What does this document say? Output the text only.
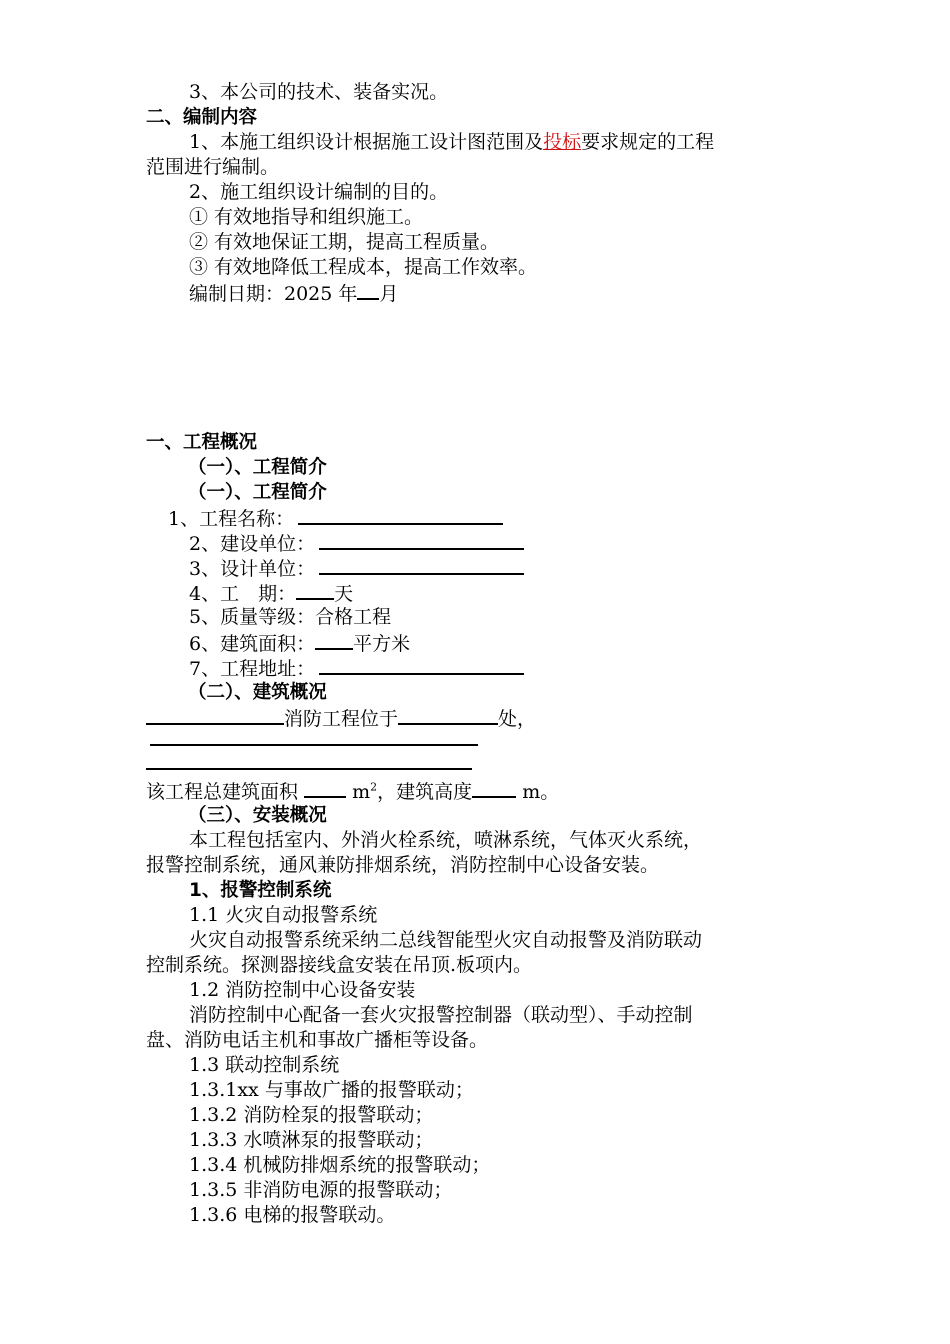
3、本公司的技术、装备实况。
二、编制内容
1、本施工组织设计根据施工设计图范围及投标要求规定的工程
范围进行编制。
2、施工组织设计编制的目的。
① 有效地指导和组织施工。
② 有效地保证工期，提高工程质量。
③ 有效地降低工程成本，提高工作效率。
编制日期：2025 年 月
一、工程概况
（一）、工程简介
（一）、工程简介
1、工程名称：
2、建设单位：
3、设计单位：
4、工　期： 天
5、质量等级：合格工程
6、建筑面积： 平方米
7、工程地址：
（二）、建筑概况
消防工程位于	处，
该工程总建筑面积	$m^2$，建筑高度	m。
（三）、安装概况
本工程包括室内、外消火栓系统，喷淋系统，气体灭火系统，
报警控制系统，通风兼防排烟系统，消防控制中心设备安装。
1、报警控制系统
1.1 火灾自动报警系统
火灾自动报警系统采纳二总线智能型火灾自动报警及消防联动
控制系统。探测器接线盒安装在吊顶.板项内。
1.2 消防控制中心设备安装
消防控制中心配备一套火灾报警控制器（联动型）、手动控制
盘、消防电话主机和事故广播柜等设备。
1.3 联动控制系统
1.3.1xx 与事故广播的报警联动；
1.3.2 消防栓泵的报警联动；
1.3.3 水喷淋泵的报警联动；
1.3.4 机械防排烟系统的报警联动；
1.3.5 非消防电源的报警联动；
1.3.6 电梯的报警联动。
